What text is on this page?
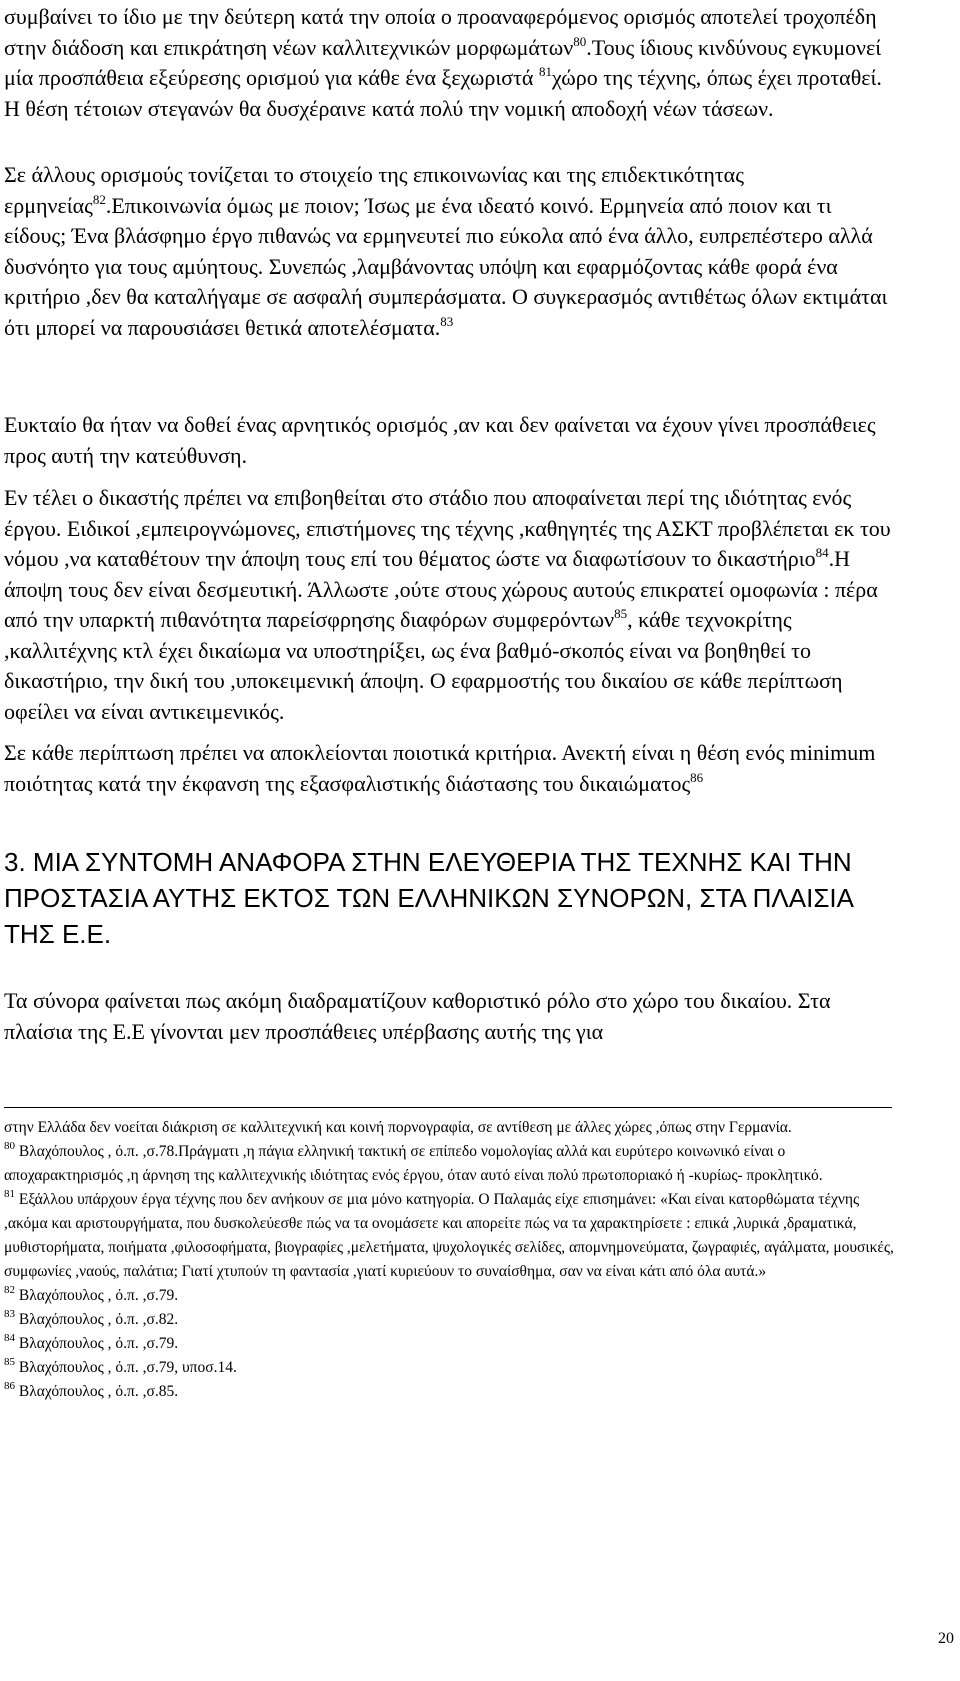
συμβαίνει το ίδιο με την δεύτερη κατά την οποία ο προαναφερόμενος ορισμός αποτελεί τροχοπέδη στην διάδοση και επικράτηση νέων καλλιτεχνικών μορφωμάτων$^{80}$.Τους ίδιους κινδύνους εγκυμονεί μία προσπάθεια εξεύρεσης ορισμού για κάθε ένα ξεχωριστά $^{81}$χώρο της τέχνης, όπως έχει προταθεί. Η θέση τέτοιων στεγανών θα δυσχέραινε κατά πολύ την νομική αποδοχή νέων τάσεων.

Σε άλλους ορισμούς τονίζεται το στοιχείο της επικοινωνίας και της επιδεκτικότητας ερμηνείας$^{82}$.Επικοινωνία όμως με ποιον; Ίσως με ένα ιδεατό κοινό. Ερμηνεία από ποιον και τι είδους; Ένα βλάσφημο έργο πιθανώς να ερμηνευτεί πιο εύκολα από ένα άλλο, ευπρεπέστερο αλλά δυσνόητο για τους αμύητους. Συνεπώς ,λαμβάνοντας υπόψη και εφαρμόζοντας κάθε φορά ένα κριτήριο ,δεν θα καταλήγαμε σε ασφαλή συμπεράσματα. Ο συγκερασμός αντιθέτως όλων εκτιμάται ότι μπορεί να παρουσιάσει θετικά αποτελέσματα.$^{83}$

Ευκταίο θα ήταν να δοθεί ένας αρνητικός ορισμός ,αν και δεν φαίνεται να έχουν γίνει προσπάθειες προς αυτή την κατεύθυνση.

Εν τέλει ο δικαστής πρέπει να επιβοηθείται στο στάδιο που αποφαίνεται περί της ιδιότητας ενός έργου. Ειδικοί ,εμπειρογνώμονες, επιστήμονες της τέχνης ,καθηγητές της ΑΣΚΤ προβλέπεται εκ του νόμου ,να καταθέτουν την άποψη τους επί του θέματος ώστε να διαφωτίσουν το δικαστήριο$^{84}$.Η άποψη τους δεν είναι δεσμευτική. Άλλωστε ,ούτε στους χώρους αυτούς επικρατεί ομοφωνία : πέρα από την υπαρκτή πιθανότητα παρείσφρησης διαφόρων συμφερόντων$^{85}$, κάθε τεχνοκρίτης ,καλλιτέχνης κτλ έχει δικαίωμα να υποστηρίξει, ως ένα βαθμό-σκοπός είναι να βοηθηθεί το δικαστήριο, την δική του ,υποκειμενική άποψη. Ο εφαρμοστής του δικαίου σε κάθε περίπτωση οφείλει να είναι αντικειμενικός.

Σε κάθε περίπτωση πρέπει να αποκλείονται ποιοτικά κριτήρια. Ανεκτή είναι η θέση ενός minimum ποιότητας κατά την έκφανση της εξασφαλιστικής διάστασης του δικαιώματος$^{86}$

3. ΜΙΑ ΣΥΝΤΟΜΗ ΑΝΑΦΟΡΑ ΣΤΗΝ ΕΛΕΥΘΕΡΙΑ ΤΗΣ ΤΕΧΝΗΣ ΚΑΙ ΤΗΝ ΠΡΟΣΤΑΣΙΑ ΑΥΤΗΣ ΕΚΤΟΣ ΤΩΝ ΕΛΛΗΝΙΚΩΝ ΣΥΝΟΡΩΝ, ΣΤΑ ΠΛΑΙΣΙΑ ΤΗΣ Ε.Ε.

Τα σύνορα φαίνεται πως ακόμη διαδραματίζουν καθοριστικό ρόλο στο χώρο του δικαίου. Στα πλαίσια της Ε.Ε γίνονται μεν προσπάθειες υπέρβασης αυτής της για

στην Ελλάδα δεν νοείται διάκριση σε καλλιτεχνική και κοινή πορνογραφία, σε αντίθεση με άλλες χώρες ,όπως στην Γερμανία.

$^{80}$ Βλαχόπουλος , ό.π. ,σ.78.Πράγματι ,η πάγια ελληνική τακτική σε επίπεδο νομολογίας αλλά και ευρύτερο κοινωνικό είναι ο αποχαρακτηρισμός ,η άρνηση της καλλιτεχνικής ιδιότητας ενός έργου, όταν αυτό είναι πολύ πρωτοποριακό ή -κυρίως- προκλητικό.

$^{81}$ Εξάλλου υπάρχουν έργα τέχνης που δεν ανήκουν σε μια μόνο κατηγορία. Ο Παλαμάς είχε επισημάνει: «Και είναι κατορθώματα τέχνης ,ακόμα και αριστουργήματα, που δυσκολεύεσθε πώς να τα ονομάσετε και απορείτε πώς να τα χαρακτηρίσετε : επικά ,λυρικά ,δραματικά, μυθιστορήματα, ποιήματα ,φιλοσοφήματα, βιογραφίες ,μελετήματα, ψυχολογικές σελίδες, απομνημονεύματα, ζωγραφιές, αγάλματα, μουσικές, συμφωνίες ,ναούς, παλάτια; Γιατί χτυπούν τη φαντασία ,γιατί κυριεύουν το συναίσθημα, σαν να είναι κάτι από όλα αυτά.»

$^{82}$ Βλαχόπουλος , ό.π. ,σ.79.

$^{83}$ Βλαχόπουλος , ό.π. ,σ.82.

$^{84}$ Βλαχόπουλος , ό.π. ,σ.79.

$^{85}$ Βλαχόπουλος , ό.π. ,σ.79, υποσ.14.

$^{86}$ Βλαχόπουλος , ό.π. ,σ.85.

20
